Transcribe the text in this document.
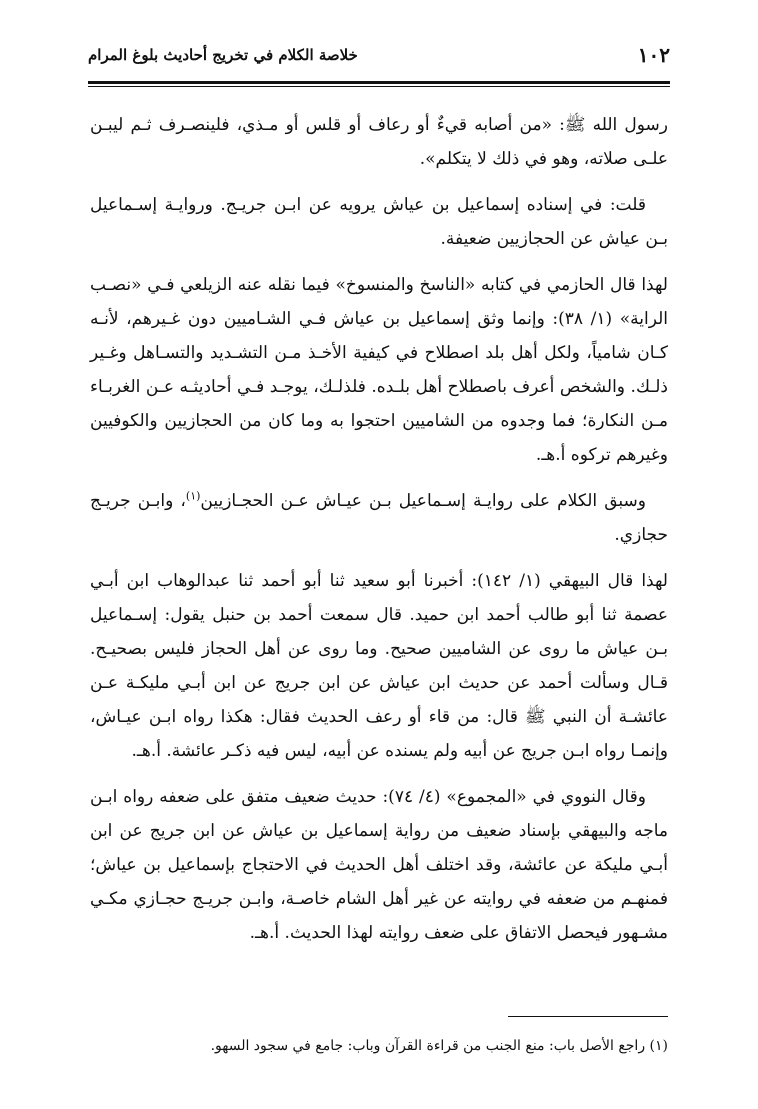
١٠٢
خلاصة الكلام في تخريج أحاديث بلوغ المرام

رسول الله ﷺ: «من أصابه قيءٌ أو رعاف أو قلس أو مـذي، فلينصـرف ثـم ليبـن علـى صلاته، وهو في ذلك لا يتكلم».

قلت: في إسناده إسماعيل بن عياش يرويه عن ابـن جريـج. وروايـة إسـماعيل بـن عياش عن الحجازيين ضعيفة.

لهذا قال الحازمي في كتابه «الناسخ والمنسوخ» فيما نقله عنه الزيلعي فـي «نصـب الراية» (١/ ٣٨): وإنما وثق إسماعيل بن عياش فـي الشـاميين دون غـيرهم، لأنـه كـان شامياً، ولكل أهل بلد اصطلاح في كيفية الأخـذ مـن التشـديد والتسـاهل وغـير ذلـك. والشخص أعرف باصطلاح أهل بلـده. فلذلـك، يوجـد فـي أحاديثـه عـن الغربـاء مـن النكارة؛ فما وجدوه من الشاميين احتجوا به وما كان من الحجازيين والكوفيين وغيرهم تركوه أ.هـ.

وسبق الكلام على روايـة إسـماعيل بـن عيـاش عـن الحجـازيين$^{(١)}$، وابـن جريـج حجازي.

لهذا قال البيهقي (١/ ١٤٢): أخبرنا أبو سعيد ثنا أبو أحمد ثنا عبدالوهاب ابن أبـي عصمة ثنا أبو طالب أحمد ابن حميد. قال سمعت أحمد بن حنبل يقول: إسـماعيل بـن عياش ما روى عن الشاميين صحيح. وما روى عن أهل الحجاز فليس بصحيـح. قـال وسألت أحمد عن حديث ابن عياش عن ابن جريج عن ابن أبـي مليكـة عـن عائشـة أن النبي ﷺ قال: من قاء أو رعف الحديث فقال: هكذا رواه ابـن عيـاش، وإنمـا رواه ابـن جريج عن أبيه ولم يسنده عن أبيه، ليس فيه ذكـر عائشة. أ.هـ.

وقال النووي في «المجموع» (٤/ ٧٤): حديث ضعيف متفق على ضعفه رواه ابـن ماجه والبيهقي بإسناد ضعيف من رواية إسماعيل بن عياش عن ابن جريج عن ابن أبـي مليكة عن عائشة، وقد اختلف أهل الحديث في الاحتجاج بإسماعيل بن عياش؛ فمنهـم من ضعفه في روايته عن غير أهل الشام خاصـة، وابـن جريـج حجـازي مكـي مشـهور فيحصل الاتفاق على ضعف روايته لهذا الحديث. أ.هـ.

(١) راجع الأصل باب: منع الجنب من قراءة القرآن وباب: جامع في سجود السهو.
